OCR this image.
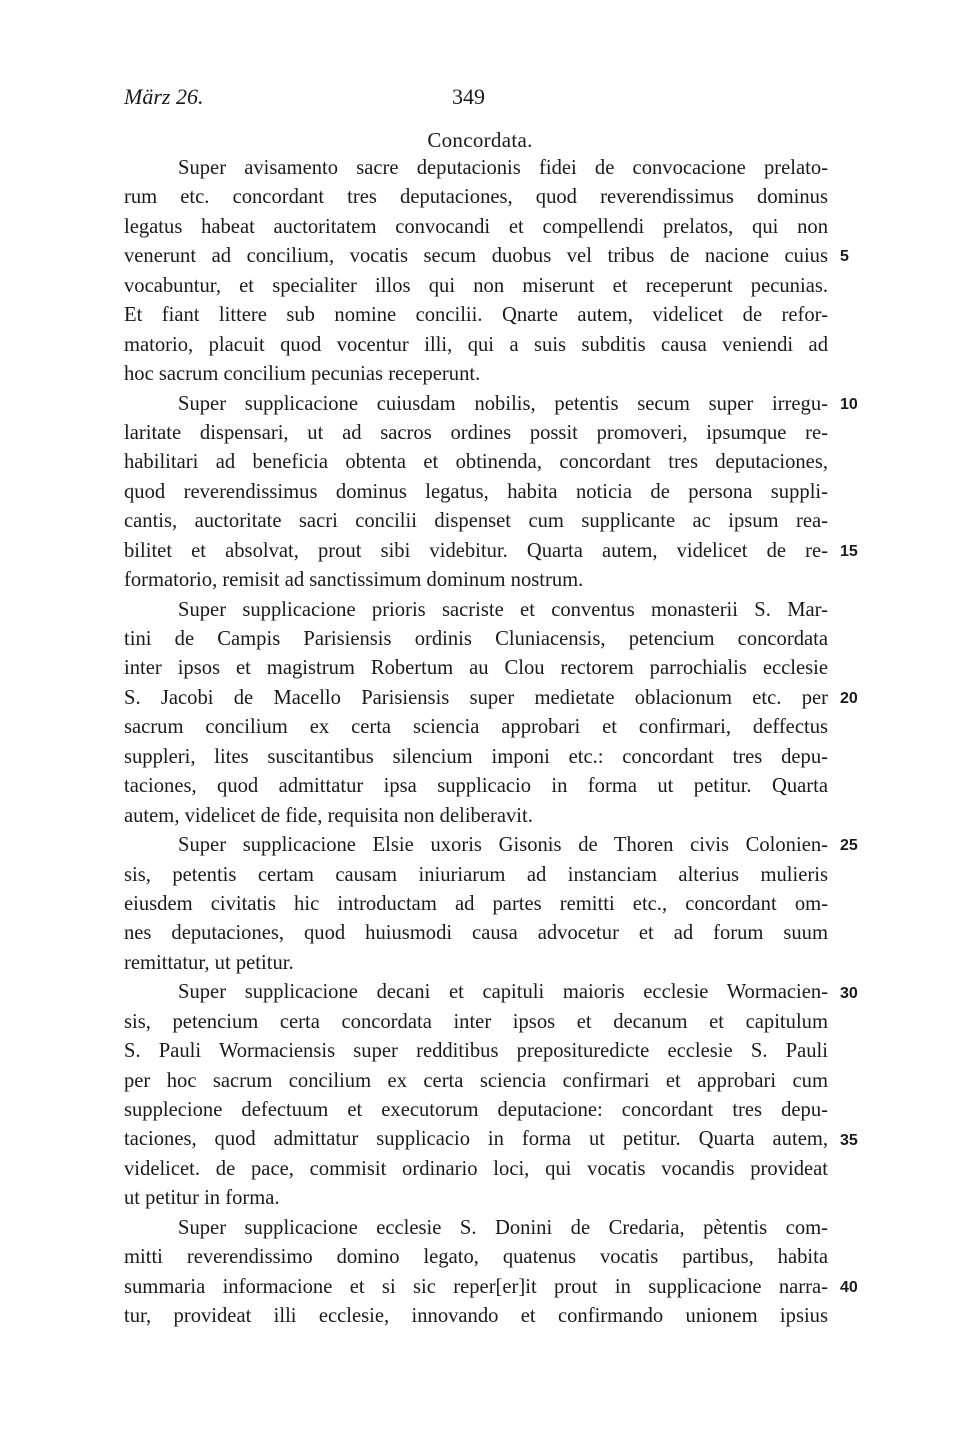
März 26.	349
Concordata.
Super avisamento sacre deputacionis fidei de convocacione prelato-
rum etc. concordant tres deputaciones, quod reverendissimus dominus
legatus habeat auctoritatem convocandi et compellendi prelatos, qui non
venerunt ad concilium, vocatis secum duobus vel tribus de nacione cuius
vocabuntur, et specialiter illos qui non miserunt et receperunt pecunias.
Et fiant littere sub nomine concilii. Qnarte autem, videlicet de refor-
matorio, placuit quod vocentur illi, qui a suis subditis causa veniendi ad
hoc sacrum concilium pecunias receperunt.
Super supplicacione cuiusdam nobilis, petentis secum super irregu-
laritate dispensari, ut ad sacros ordines possit promoveri, ipsumque re-
habilitari ad beneficia obtenta et obtinenda, concordant tres deputaciones,
quod reverendissimus dominus legatus, habita noticia de persona suppli-
cantis, auctoritate sacri concilii dispenset cum supplicante ac ipsum rea-
bilitet et absolvat, prout sibi videbitur. Quarta autem, videlicet de re-
formatorio, remisit ad sanctissimum dominum nostrum.
Super supplicacione prioris sacriste et conventus monasterii S. Mar-
tini de Campis Parisiensis ordinis Cluniacensis, petencium concordata
inter ipsos et magistrum Robertum au Clou rectorem parrochialis ecclesie
S. Jacobi de Macello Parisiensis super medietate oblacionum etc. per
sacrum concilium ex certa sciencia approbari et confirmari, deffectus
suppleri, lites suscitantibus silencium imponi etc.: concordant tres depu-
taciones, quod admittatur ipsa supplicacio in forma ut petitur. Quarta
autem, videlicet de fide, requisita non deliberavit.
Super supplicacione Elsie uxoris Gisonis de Thoren civis Colonien-
sis, petentis certam causam iniuriarum ad instanciam alterius mulieris
eiusdem civitatis hic introductam ad partes remitti etc., concordant om-
nes deputaciones, quod huiusmodi causa advocetur et ad forum suum
remittatur, ut petitur.
Super supplicacione decani et capituli maioris ecclesie Wormacien-
sis, petencium certa concordata inter ipsos et decanum et capitulum
S. Pauli Wormaciensis super redditibus preposituredicte ecclesie S. Pauli
per hoc sacrum concilium ex certa sciencia confirmari et approbari cum
supplecione defectuum et executorum deputacione: concordant tres depu-
taciones, quod admittatur supplicacio in forma ut petitur. Quarta autem,
videlicet. de pace, commisit ordinario loci, qui vocatis vocandis provideat
ut petitur in forma.
Super supplicacione ecclesie S. Donini de Credaria, pètentis com-
mitti reverendissimo domino legato, quatenus vocatis partibus, habita
summaria informacione et si sic reper[er]it prout in supplicacione narra-
tur, provideat illi ecclesie, innovando et confirmando unionem ipsius
5
10
15
20
25
30
35
40
